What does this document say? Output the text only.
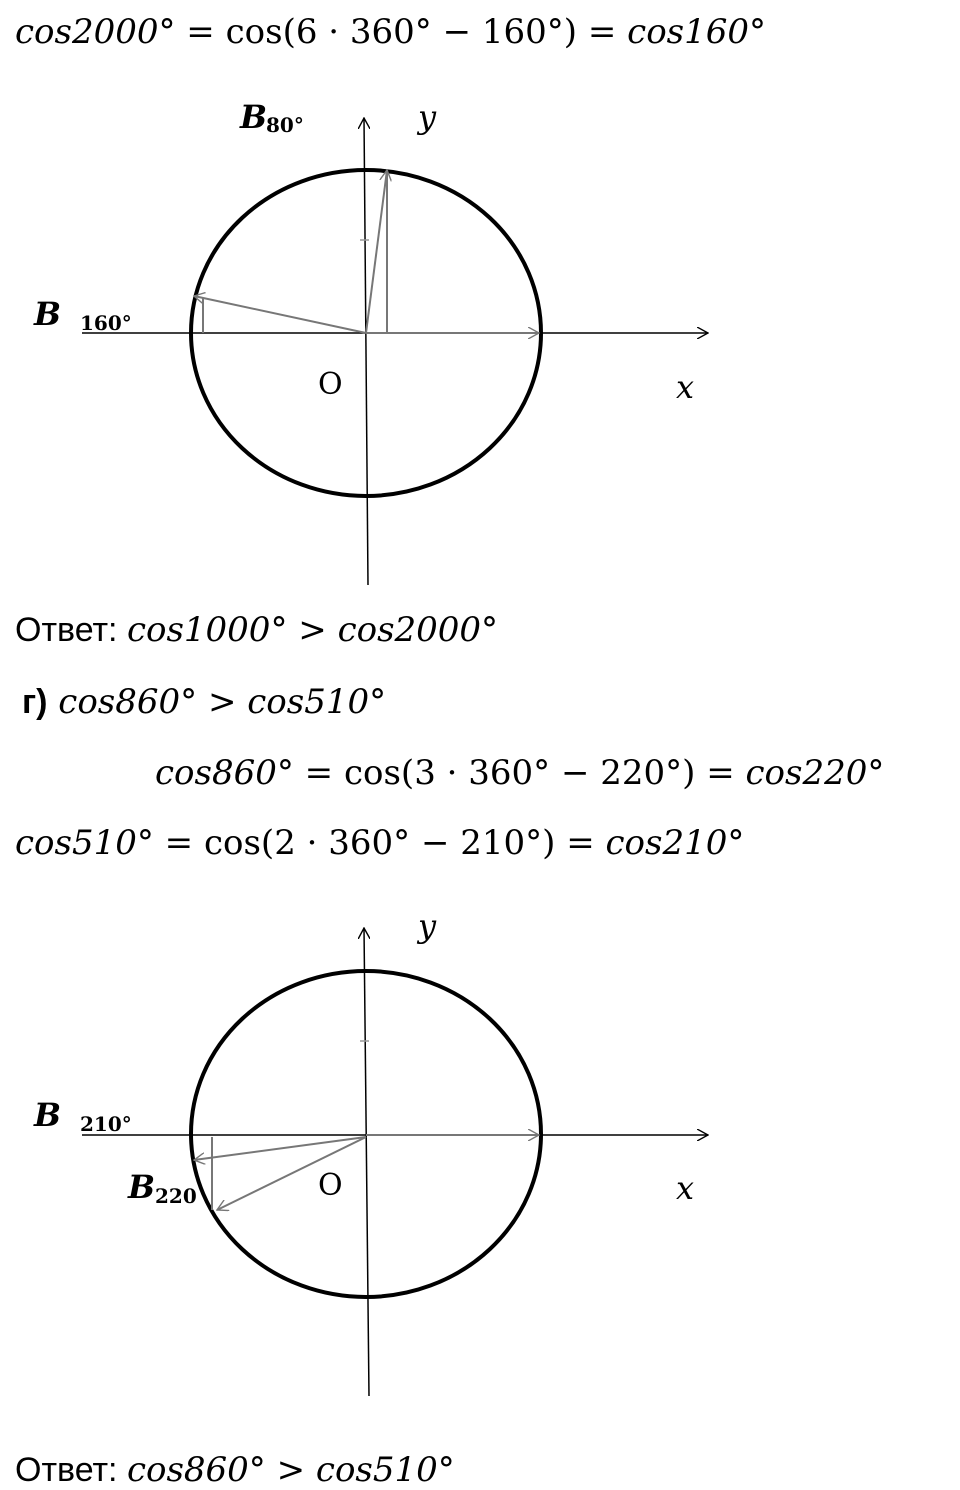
cos2000° = cos(6 · 360° − 160°) = cos160°
y
x
O
B
80°
B 160°
Ответ: cos1000° > cos2000°
г) cos860° > cos510°
cos860° = cos(3 · 360° − 220°) = cos220°
cos510° = cos(2 · 360° − 210°) = cos210°
y
x
O
B 210°
B 220
Ответ: cos860° > cos510°
